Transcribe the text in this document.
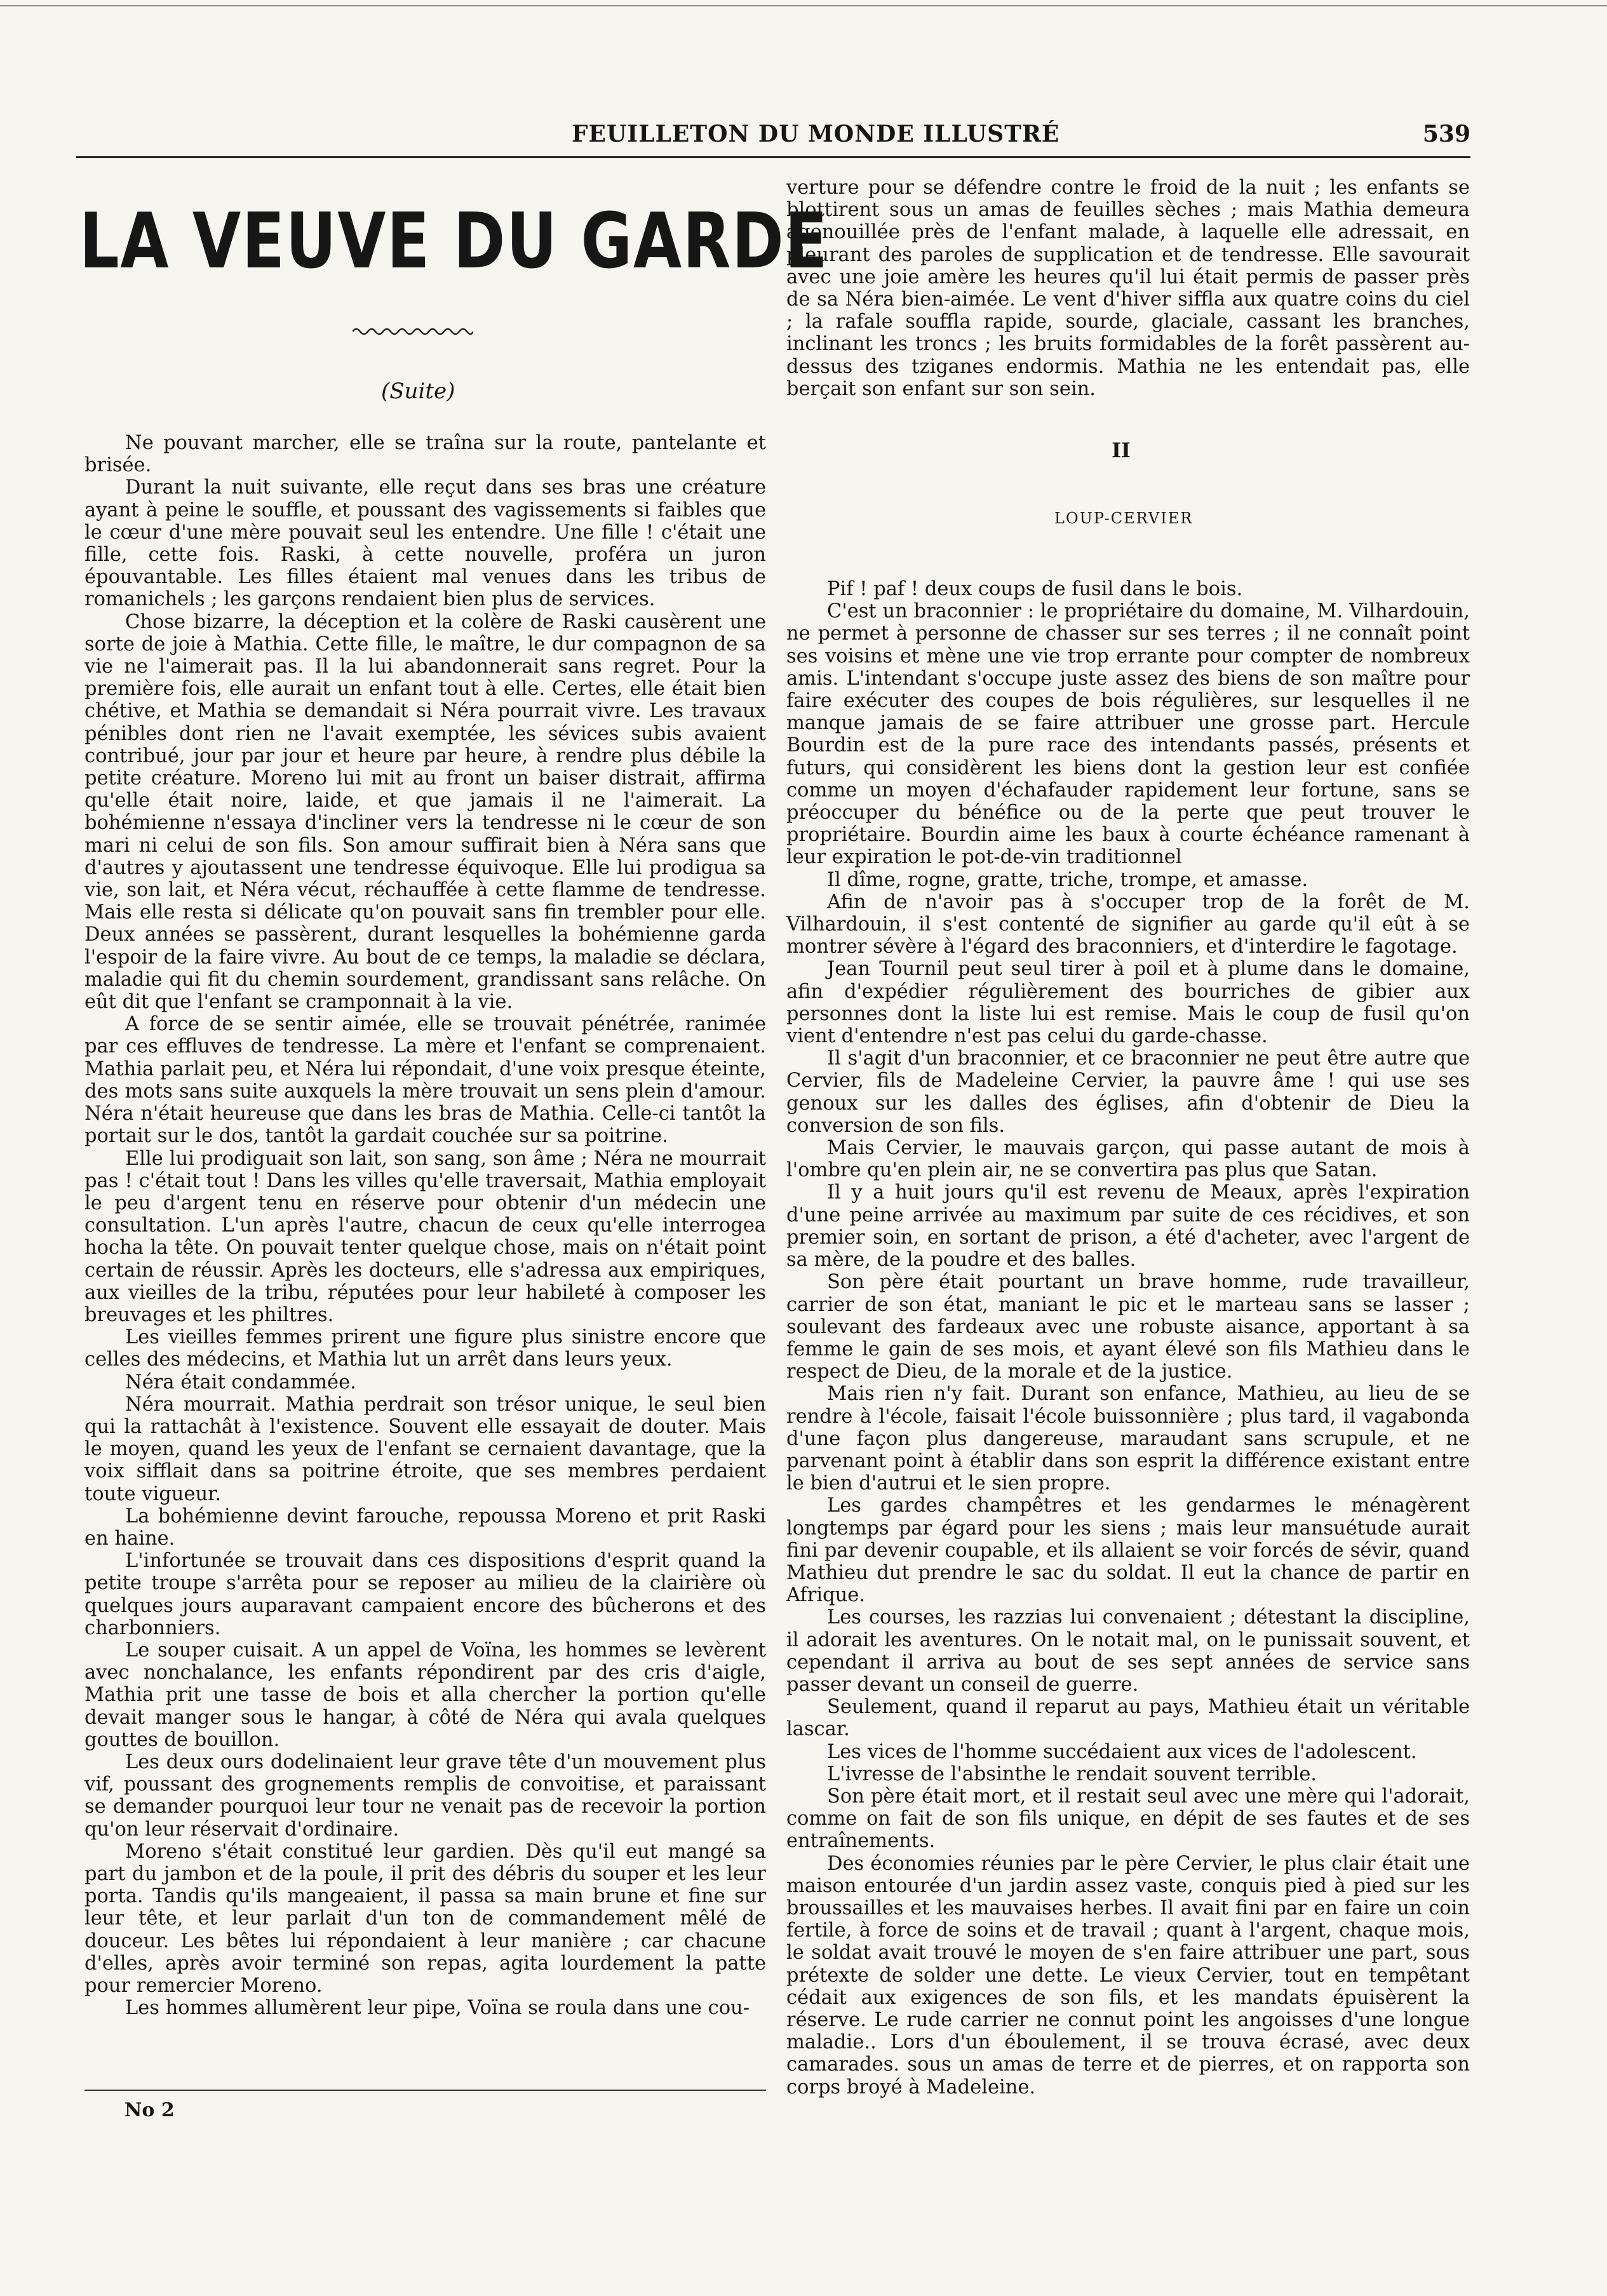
FEUILLETON DU MONDE ILLUSTRÉ	539
LA VEUVE DU GARDE
(Suite)

Ne pouvant marcher, elle se traîna sur la route, pantelante et brisée.

Durant la nuit suivante, elle reçut dans ses bras une créature ayant à peine le souffle, et poussant des vagissements si faibles que le cœur d'une mère pouvait seul les entendre. Une fille ! c'était une fille, cette fois. Raski, à cette nouvelle, proféra un juron épouvantable. Les filles étaient mal venues dans les tribus de romanichels ; les garçons rendaient bien plus de services.

Chose bizarre, la déception et la colère de Raski causèrent une sorte de joie à Mathia. Cette fille, le maître, le dur compagnon de sa vie ne l'aimerait pas. Il la lui abandonnerait sans regret. Pour la première fois, elle aurait un enfant tout à elle. Certes, elle était bien chétive, et Mathia se demandait si Néra pourrait vivre. Les travaux pénibles dont rien ne l'avait exemptée, les sévices subis avaient contribué, jour par jour et heure par heure, à rendre plus débile la petite créature. Moreno lui mit au front un baiser distrait, affirma qu'elle était noire, laide, et que jamais il ne l'aimerait. La bohémienne n'essaya d'incliner vers la tendresse ni le cœur de son mari ni celui de son fils. Son amour suffirait bien à Néra sans que d'autres y ajoutassent une tendresse équivoque. Elle lui prodigua sa vie, son lait, et Néra vécut, réchauffée à cette flamme de tendresse. Mais elle resta si délicate qu'on pouvait sans fin trembler pour elle. Deux années se passèrent, durant lesquelles la bohémienne garda l'espoir de la faire vivre. Au bout de ce temps, la maladie se déclara, maladie qui fit du chemin sourdement, grandissant sans relâche. On eût dit que l'enfant se cramponnait à la vie.

A force de se sentir aimée, elle se trouvait pénétrée, ranimée par ces effluves de tendresse. La mère et l'enfant se comprenaient. Mathia parlait peu, et Néra lui répondait, d'une voix presque éteinte, des mots sans suite auxquels la mère trouvait un sens plein d'amour. Néra n'était heureuse que dans les bras de Mathia. Celle-ci tantôt la portait sur le dos, tantôt la gardait couchée sur sa poitrine.

Elle lui prodiguait son lait, son sang, son âme ; Néra ne mourrait pas ! c'était tout ! Dans les villes qu'elle traversait, Mathia employait le peu d'argent tenu en réserve pour obtenir d'un médecin une consultation. L'un après l'autre, chacun de ceux qu'elle interrogea hocha la tête. On pouvait tenter quelque chose, mais on n'était point certain de réussir. Après les docteurs, elle s'adressa aux empiriques, aux vieilles de la tribu, réputées pour leur habileté à composer les breuvages et les philtres.

Les vieilles femmes prirent une figure plus sinistre encore que celles des médecins, et Mathia lut un arrêt dans leurs yeux.

Néra était condammée.

Néra mourrait. Mathia perdrait son trésor unique, le seul bien qui la rattachât à l'existence. Souvent elle essayait de douter. Mais le moyen, quand les yeux de l'enfant se cernaient davantage, que la voix sifflait dans sa poitrine étroite, que ses membres perdaient toute vigueur.

La bohémienne devint farouche, repoussa Moreno et prit Raski en haine.

L'infortunée se trouvait dans ces dispositions d'esprit quand la petite troupe s'arrêta pour se reposer au milieu de la clairière où quelques jours auparavant campaient encore des bûcherons et des charbonniers.

Le souper cuisait. A un appel de Voïna, les hommes se levèrent avec nonchalance, les enfants répondirent par des cris d'aigle, Mathia prit une tasse de bois et alla chercher la portion qu'elle devait manger sous le hangar, à côté de Néra qui avala quelques gouttes de bouillon.

Les deux ours dodelinaient leur grave tête d'un mouvement plus vif, poussant des grognements remplis de convoitise, et paraissant se demander pourquoi leur tour ne venait pas de recevoir la portion qu'on leur réservait d'ordinaire.

Moreno s'était constitué leur gardien. Dès qu'il eut mangé sa part du jambon et de la poule, il prit des débris du souper et les leur porta. Tandis qu'ils mangeaient, il passa sa main brune et fine sur leur tête, et leur parlait d'un ton de commandement mêlé de douceur. Les bêtes lui répondaient à leur manière ; car chacune d'elles, après avoir terminé son repas, agita lourdement la patte pour remercier Moreno.

Les hommes allumèrent leur pipe, Voïna se roula dans une cou-

verture pour se défendre contre le froid de la nuit ; les enfants se blottirent sous un amas de feuilles sèches ; mais Mathia demeura agenouillée près de l'enfant malade, à laquelle elle adressait, en pleurant des paroles de supplication et de tendresse. Elle savourait avec une joie amère les heures qu'il lui était permis de passer près de sa Néra bien-aimée. Le vent d'hiver siffla aux quatre coins du ciel ; la rafale souffla rapide, sourde, glaciale, cassant les branches, inclinant les troncs ; les bruits formidables de la forêt passèrent au-dessus des tziganes endormis. Mathia ne les entendait pas, elle berçait son enfant sur son sein.

II
LOUP-CERVIER

Pif ! paf ! deux coups de fusil dans le bois.

C'est un braconnier : le propriétaire du domaine, M. Vilhardouin, ne permet à personne de chasser sur ses terres ; il ne connaît point ses voisins et mène une vie trop errante pour compter de nombreux amis. L'intendant s'occupe juste assez des biens de son maître pour faire exécuter des coupes de bois régulières, sur lesquelles il ne manque jamais de se faire attribuer une grosse part. Hercule Bourdin est de la pure race des intendants passés, présents et futurs, qui considèrent les biens dont la gestion leur est confiée comme un moyen d'échafauder rapidement leur fortune, sans se préoccuper du bénéfice ou de la perte que peut trouver le propriétaire. Bourdin aime les baux à courte échéance ramenant à leur expiration le pot-de-vin traditionnel

Il dîme, rogne, gratte, triche, trompe, et amasse.

Afin de n'avoir pas à s'occuper trop de la forêt de M. Vilhardouin, il s'est contenté de signifier au garde qu'il eût à se montrer sévère à l'égard des braconniers, et d'interdire le fagotage.

Jean Tournil peut seul tirer à poil et à plume dans le domaine, afin d'expédier régulièrement des bourriches de gibier aux personnes dont la liste lui est remise. Mais le coup de fusil qu'on vient d'entendre n'est pas celui du garde-chasse.

Il s'agit d'un braconnier, et ce braconnier ne peut être autre que Cervier, fils de Madeleine Cervier, la pauvre âme ! qui use ses genoux sur les dalles des églises, afin d'obtenir de Dieu la conversion de son fils.

Mais Cervier, le mauvais garçon, qui passe autant de mois à l'ombre qu'en plein air, ne se convertira pas plus que Satan.

Il y a huit jours qu'il est revenu de Meaux, après l'expiration d'une peine arrivée au maximum par suite de ces récidives, et son premier soin, en sortant de prison, a été d'acheter, avec l'argent de sa mère, de la poudre et des balles.

Son père était pourtant un brave homme, rude travailleur, carrier de son état, maniant le pic et le marteau sans se lasser ; soulevant des fardeaux avec une robuste aisance, apportant à sa femme le gain de ses mois, et ayant élevé son fils Mathieu dans le respect de Dieu, de la morale et de la justice.

Mais rien n'y fait. Durant son enfance, Mathieu, au lieu de se rendre à l'école, faisait l'école buissonnière ; plus tard, il vagabonda d'une façon plus dangereuse, maraudant sans scrupule, et ne parvenant point à établir dans son esprit la différence existant entre le bien d'autrui et le sien propre.

Les gardes champêtres et les gendarmes le ménagèrent longtemps par égard pour les siens ; mais leur mansuétude aurait fini par devenir coupable, et ils allaient se voir forcés de sévir, quand Mathieu dut prendre le sac du soldat. Il eut la chance de partir en Afrique.

Les courses, les razzias lui convenaient ; détestant la discipline, il adorait les aventures. On le notait mal, on le punissait souvent, et cependant il arriva au bout de ses sept années de service sans passer devant un conseil de guerre.

Seulement, quand il reparut au pays, Mathieu était un véritable lascar.

Les vices de l'homme succédaient aux vices de l'adolescent.

L'ivresse de l'absinthe le rendait souvent terrible.

Son père était mort, et il restait seul avec une mère qui l'adorait, comme on fait de son fils unique, en dépit de ses fautes et de ses entraînements.

Des économies réunies par le père Cervier, le plus clair était une maison entourée d'un jardin assez vaste, conquis pied à pied sur les broussailles et les mauvaises herbes. Il avait fini par en faire un coin fertile, à force de soins et de travail ; quant à l'argent, chaque mois, le soldat avait trouvé le moyen de s'en faire attribuer une part, sous prétexte de solder une dette. Le vieux Cervier, tout en tempêtant cédait aux exigences de son fils, et les mandats épuisèrent la réserve. Le rude carrier ne connut point les angoisses d'une longue maladie.. Lors d'un éboulement, il se trouva écrasé, avec deux camarades. sous un amas de terre et de pierres, et on rapporta son corps broyé à Madeleine.

No 2
